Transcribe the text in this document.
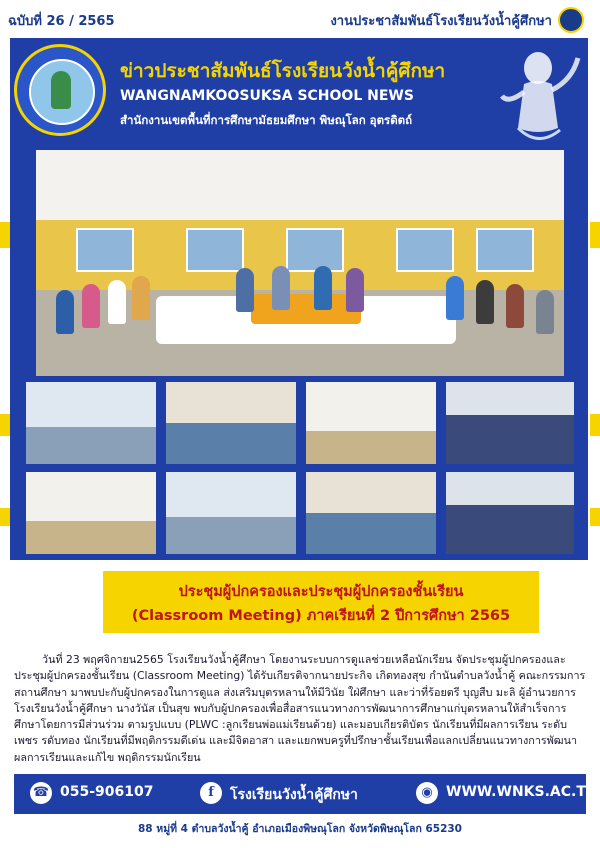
ฉบับที่ 26 / 2565	งานประชาสัมพันธ์โรงเรียนวังน้ำคู้ศึกษา
ข่าวประชาสัมพันธ์โรงเรียนวังน้ำคู้ศึกษา
WANGNAMKOOSUKSA SCHOOL NEWS
สำนักงานเขตพื้นที่การศึกษามัธยมศึกษา พิษณุโลก อุตรดิตถ์
ประชุมผู้ปกครองและประชุมผู้ปกครองชั้นเรียน
(Classroom Meeting) ภาคเรียนที่ 2 ปีการศึกษา 2565
วันที่ 23 พฤศจิกายน2565 โรงเรียนวังน้ำคู้ศึกษา โดยงานระบบการดูแลช่วยเหลือนักเรียน จัดประชุมผู้ปกครองและประชุมผู้ปกครองชั้นเรียน (Classroom Meeting) ได้รับเกียรติจากนายประกิจ เกิดทองสุข กำนันตำบลวังน้ำคู้ คณะกรรมการสถานศึกษา มาพบปะกับผู้ปกครองในการดูแล ส่งเสริมบุตรหลานให้มีวินัย ใฝ่ศึกษา และว่าที่ร้อยตรี บุญสืบ มะลิ ผู้อำนวยการโรงเรียนวังน้ำคู้ศึกษา นางวันัส เป็นสุข พบกับผู้ปกครองเพื่อสื่อสารแนวทางการพัฒนาการศึกษาแก่บุตรหลานให้สำเร็จการศึกษาโดยการมีส่วนร่วม ตามรูปแบบ (PLWC :ลูกเรียนพ่อแม่เรียนด้วย) และมอบเกียรติบัตร นักเรียนที่มีผลการเรียน ระดับเพชร รดับทอง นักเรียนที่มีพฤติกรรมดีเด่น และมีจิตอาสา และแยกพบครูที่ปรึกษาชั้นเรียนเพื่อแลกเปลี่ยนแนวทางการพัฒนาผลการเรียนและแก้ไข พฤติกรรมนักเรียน
☎ 055-906107	f	โรงเรียนวังน้ำคู้ศึกษา	◉ WWW.WNKS.AC.TH
88 หมู่ที่ 4 ตำบลวังน้ำคู้ อำเภอเมืองพิษณุโลก จังหวัดพิษณุโลก 65230
